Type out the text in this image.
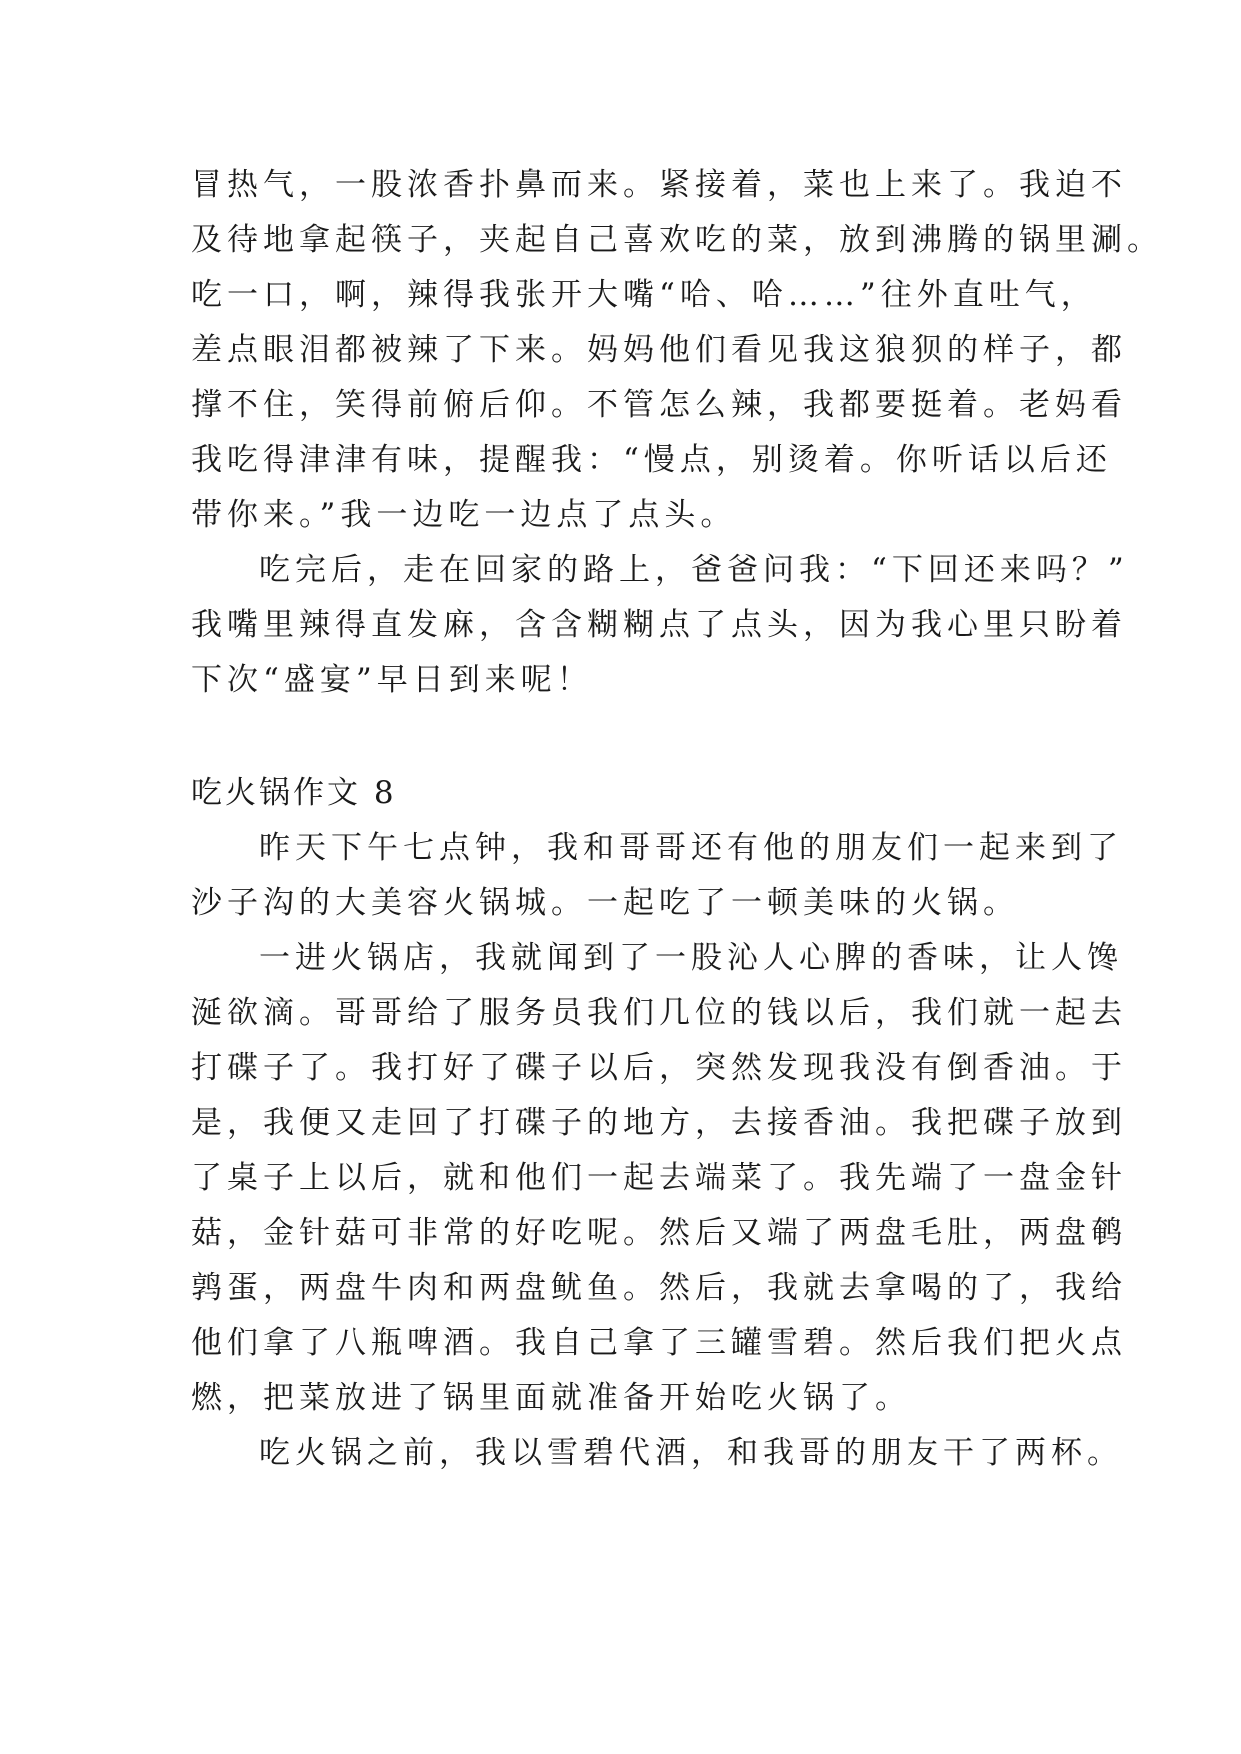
冒热气，一股浓香扑鼻而来。紧接着，菜也上来了。我迫不
及待地拿起筷子，夹起自己喜欢吃的菜，放到沸腾的锅里涮。
吃一口，啊，辣得我张开大嘴“哈、哈……”往外直吐气，
差点眼泪都被辣了下来。妈妈他们看见我这狼狈的样子，都
撑不住，笑得前俯后仰。不管怎么辣，我都要挺着。老妈看
我吃得津津有味，提醒我：“慢点，别烫着。你听话以后还
带你来。”我一边吃一边点了点头。
吃完后，走在回家的路上，爸爸问我：“下回还来吗？”
我嘴里辣得直发麻，含含糊糊点了点头，因为我心里只盼着
下次“盛宴”早日到来呢！
吃火锅作文 8
昨天下午七点钟，我和哥哥还有他的朋友们一起来到了
沙子沟的大美容火锅城。一起吃了一顿美味的火锅。
一进火锅店，我就闻到了一股沁人心脾的香味，让人馋
涎欲滴。哥哥给了服务员我们几位的钱以后，我们就一起去
打碟子了。我打好了碟子以后，突然发现我没有倒香油。于
是，我便又走回了打碟子的地方，去接香油。我把碟子放到
了桌子上以后，就和他们一起去端菜了。我先端了一盘金针
菇，金针菇可非常的好吃呢。然后又端了两盘毛肚，两盘鹌
鹑蛋，两盘牛肉和两盘鱿鱼。然后，我就去拿喝的了，我给
他们拿了八瓶啤酒。我自己拿了三罐雪碧。然后我们把火点
燃，把菜放进了锅里面就准备开始吃火锅了。
吃火锅之前，我以雪碧代酒，和我哥的朋友干了两杯。
